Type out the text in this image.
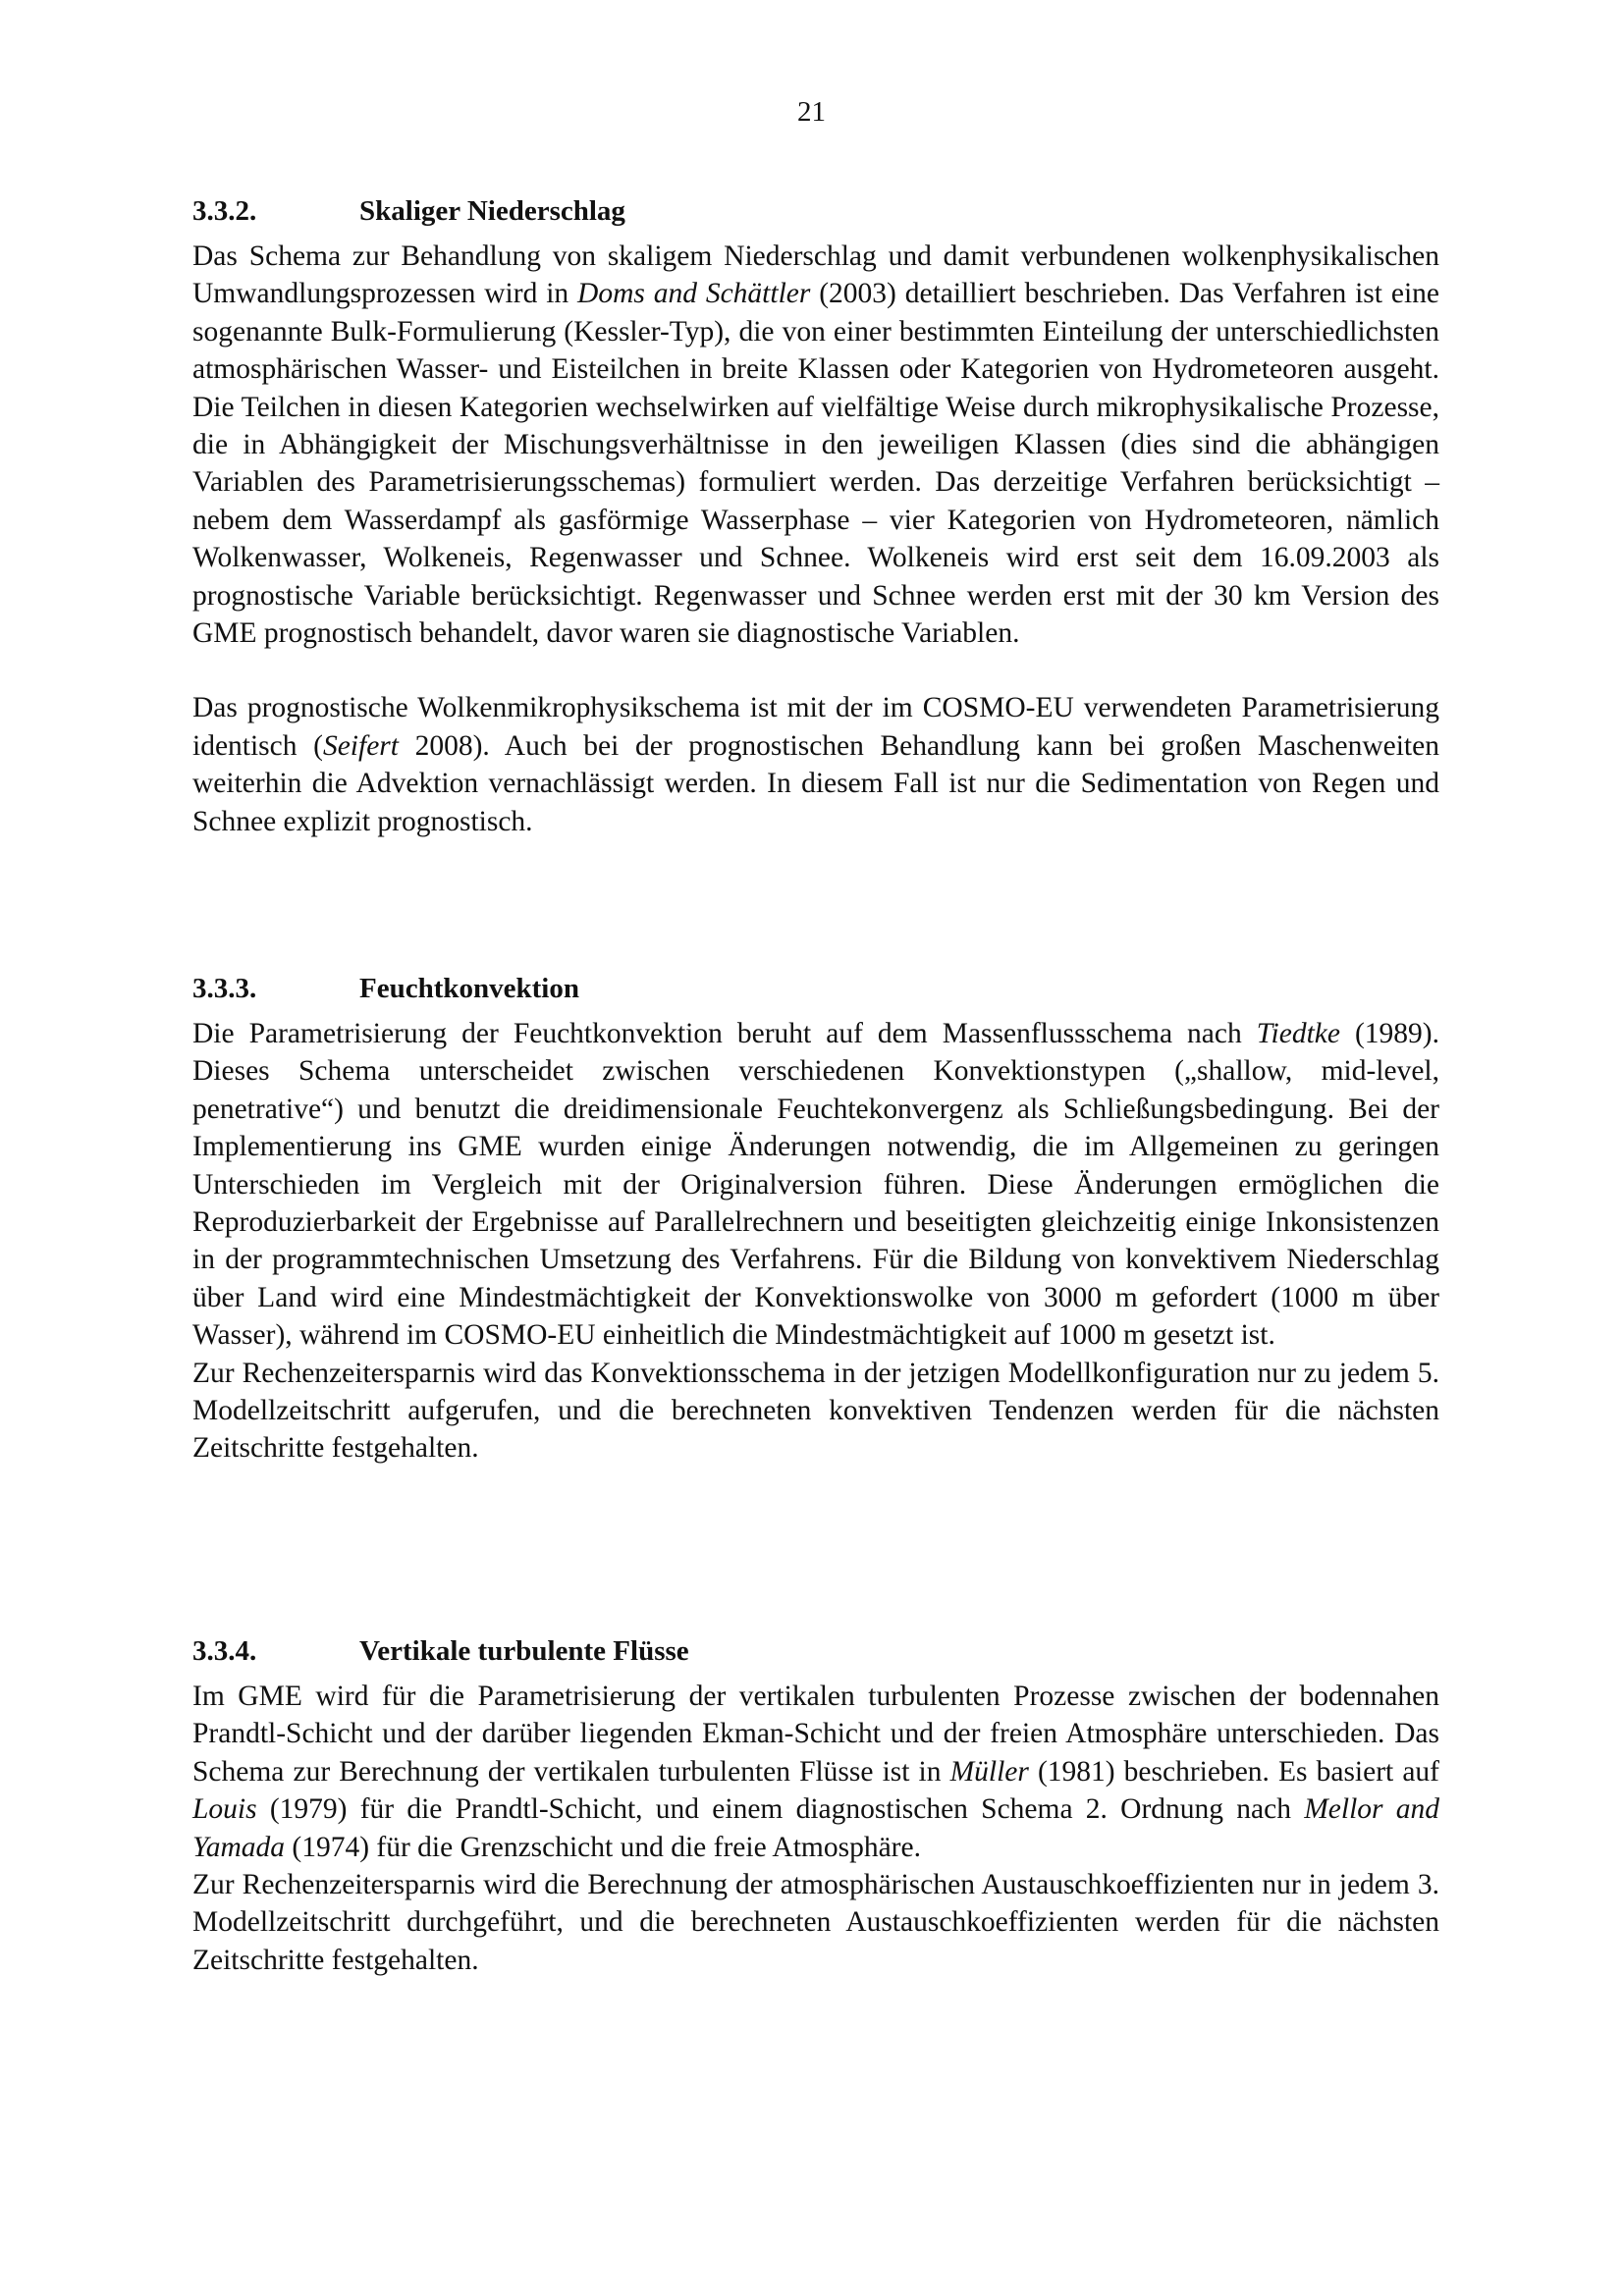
21
3.3.2.	Skaliger Niederschlag

Das Schema zur Behandlung von skaligem Niederschlag und damit verbundenen wolkenphysikalischen Umwandlungsprozessen wird in Doms and Schättler (2003) detailliert beschrieben. Das Verfahren ist eine sogenannte Bulk-Formulierung (Kessler-Typ), die von einer bestimmten Einteilung der unterschiedlichsten atmosphärischen Wasser- und Eisteilchen in breite Klassen oder Kategorien von Hydrometeoren ausgeht. Die Teilchen in diesen Kategorien wechselwirken auf vielfältige Weise durch mikrophysikalische Prozesse, die in Abhängigkeit der Mischungsverhältnisse in den jeweiligen Klassen (dies sind die abhängigen Variablen des Parametrisierungsschemas) formuliert werden. Das derzeitige Verfahren berücksichtigt – nebem dem Wasserdampf als gasförmige Wasserphase – vier Kategorien von Hydrometeoren, nämlich Wolkenwasser, Wolkeneis, Regenwasser und Schnee. Wolkeneis wird erst seit dem 16.09.2003 als prognostische Variable berücksichtigt. Regenwasser und Schnee werden erst mit der 30 km Version des GME prognostisch behandelt, davor waren sie diagnostische Variablen.

Das prognostische Wolkenmikrophysikschema ist mit der im COSMO-EU verwendeten Parametrisierung identisch (Seifert 2008). Auch bei der prognostischen Behandlung kann bei großen Maschenweiten weiterhin die Advektion vernachlässigt werden. In diesem Fall ist nur die Sedimentation von Regen und Schnee explizit prognostisch.

3.3.3.	Feuchtkonvektion

Die Parametrisierung der Feuchtkonvektion beruht auf dem Massenflussschema nach Tiedtke (1989). Dieses Schema unterscheidet zwischen verschiedenen Konvektionstypen („shallow, mid-level, penetrative“) und benutzt die dreidimensionale Feuchtekonvergenz als Schließungsbedingung. Bei der Implementierung ins GME wurden einige Änderungen notwendig, die im Allgemeinen zu geringen Unterschieden im Vergleich mit der Originalversion führen. Diese Änderungen ermöglichen die Reproduzierbarkeit der Ergebnisse auf Parallelrechnern und beseitigten gleichzeitig einige Inkonsistenzen in der programmtechnischen Umsetzung des Verfahrens. Für die Bildung von konvektivem Niederschlag über Land wird eine Mindestmächtigkeit der Konvektionswolke von 3000 m gefordert (1000 m über Wasser), während im COSMO-EU einheitlich die Mindestmächtigkeit auf 1000 m gesetzt ist.

Zur Rechenzeitersparnis wird das Konvektionsschema in der jetzigen Modellkonfiguration nur zu jedem 5. Modellzeitschritt aufgerufen, und die berechneten konvektiven Tendenzen werden für die nächsten Zeitschritte festgehalten.

3.3.4.	Vertikale turbulente Flüsse

Im GME wird für die Parametrisierung der vertikalen turbulenten Prozesse zwischen der bodennahen Prandtl-Schicht und der darüber liegenden Ekman-Schicht und der freien Atmosphäre unterschieden. Das Schema zur Berechnung der vertikalen turbulenten Flüsse ist in Müller (1981) beschrieben. Es basiert auf Louis (1979) für die Prandtl-Schicht, und einem diagnostischen Schema 2. Ordnung nach Mellor and Yamada (1974) für die Grenzschicht und die freie Atmosphäre.

Zur Rechenzeitersparnis wird die Berechnung der atmosphärischen Austauschkoeffizienten nur in jedem 3. Modellzeitschritt durchgeführt, und die berechneten Austauschkoeffizienten werden für die nächsten Zeitschritte festgehalten.
